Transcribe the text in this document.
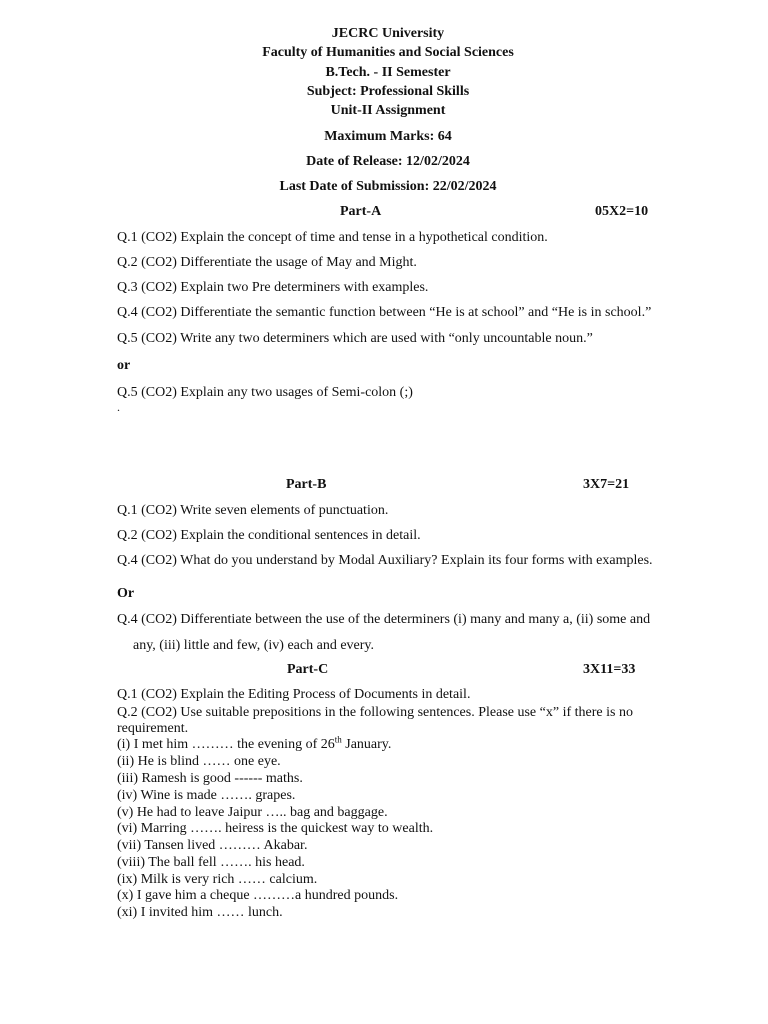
JECRC University
Faculty of Humanities and Social Sciences
B.Tech. - II Semester
Subject: Professional Skills
Unit-II Assignment
Maximum Marks: 64
Date of Release: 12/02/2024
Last Date of Submission: 22/02/2024
Part-A	05X2=10
Q.1 (CO2) Explain the concept of time and tense in a hypothetical condition.
Q.2 (CO2) Differentiate the usage of May and Might.
Q.3 (CO2) Explain two Pre determiners with examples.
Q.4 (CO2) Differentiate the semantic function between “He is at school” and “He is in school.”
Q.5 (CO2) Write any two determiners which are used with “only uncountable noun.”
or
Q.5 (CO2) Explain any two usages of Semi-colon (;)
.
Part-B	3X7=21
Q.1 (CO2) Write seven elements of punctuation.
Q.2 (CO2) Explain the conditional sentences in detail.
Q.4 (CO2) What do you understand by Modal Auxiliary? Explain its four forms with examples.
Or
Q.4 (CO2) Differentiate between the use of the determiners (i) many and many a, (ii) some and
any, (iii) little and few, (iv) each and every.
Part-C	3X11=33
Q.1 (CO2) Explain the Editing Process of Documents in detail.
Q.2 (CO2) Use suitable prepositions in the following sentences. Please use “x” if there is no
requirement.
(i) I met him ……… the evening of 26th January.
(ii) He is blind …… one eye.
(iii) Ramesh is good ------ maths.
(iv) Wine is made ……. grapes.
(v) He had to leave Jaipur ….. bag and baggage.
(vi) Marring ……. heiress is the quickest way to wealth.
(vii) Tansen lived ……… Akabar.
(viii) The ball fell ……. his head.
(ix) Milk is very rich …… calcium.
(x) I gave him a cheque ………a hundred pounds.
(xi) I invited him …… lunch.
